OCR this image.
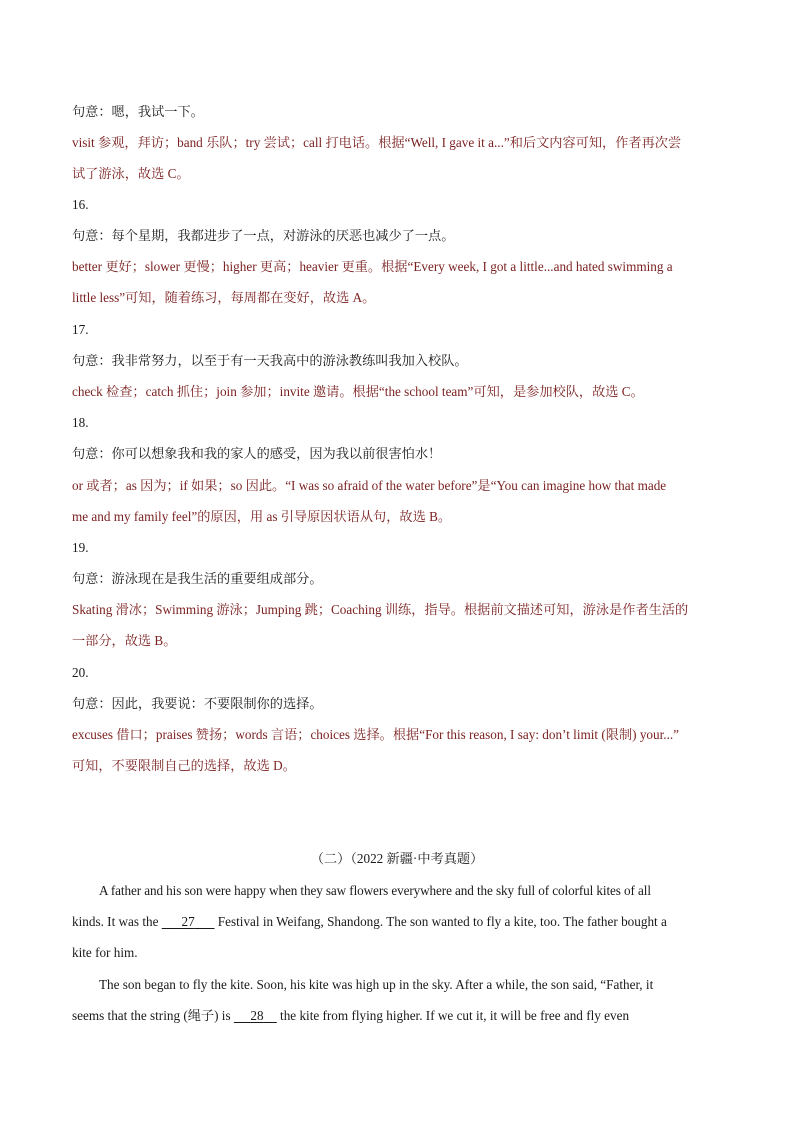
句意：嗯，我试一下。
visit 参观，拜访；band 乐队；try 尝试；call 打电话。根据“Well, I gave it a...”和后文内容可知，作者再次尝
试了游泳，故选 C。
16.
句意：每个星期，我都进步了一点，对游泳的厌恶也减少了一点。
better 更好；slower 更慢；higher 更高；heavier 更重。根据“Every week, I got a little...and hated swimming a
little less”可知，随着练习，每周都在变好，故选 A。
17.
句意：我非常努力，以至于有一天我高中的游泳教练叫我加入校队。
check 检查；catch 抓住；join 参加；invite 邀请。根据“the school team”可知，是参加校队，故选 C。
18.
句意：你可以想象我和我的家人的感受，因为我以前很害怕水！
or 或者；as 因为；if 如果；so 因此。“I was so afraid of the water before”是“You can imagine how that made
me and my family feel”的原因，用 as 引导原因状语从句，故选 B。
19.
句意：游泳现在是我生活的重要组成部分。
Skating 滑冰；Swimming 游泳；Jumping 跳；Coaching 训练，指导。根据前文描述可知，游泳是作者生活的
一部分，故选 B。
20.
句意：因此，我要说：不要限制你的选择。
excuses 借口；praises 赞扬；words 言语；choices 选择。根据“For this reason, I say: don’t limit (限制) your...”
可知，不要限制自己的选择，故选 D。
（二）（2022 新疆·中考真题）
A father and his son were happy when they saw flowers everywhere and the sky full of colorful kites of all
kinds. It was the       27       Festival in Weifang, Shandong. The son wanted to fly a kite, too. The father bought a
kite for him.
The son began to fly the kite. Soon, his kite was high up in the sky. After a while, the son said, “Father, it
seems that the string (绳子) is      28     the kite from flying higher. If we cut it, it will be free and fly even
